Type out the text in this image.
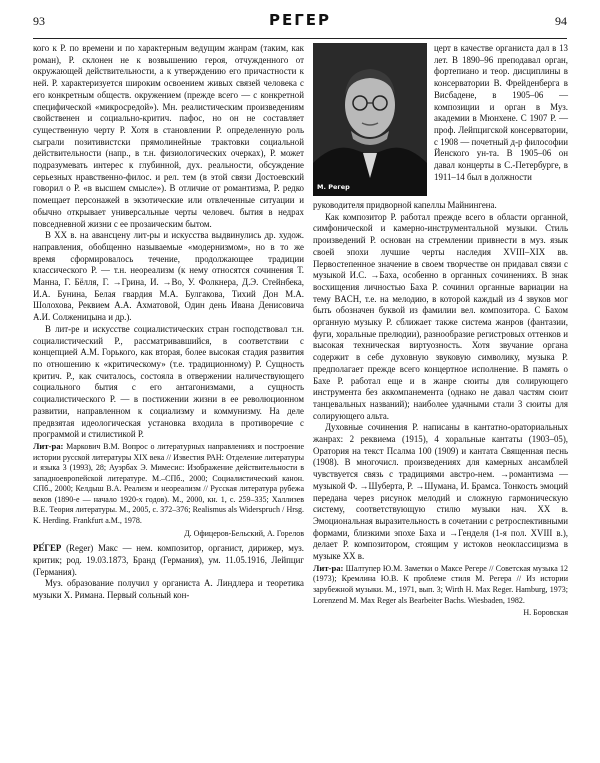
93	РЕГЕР	94

кого к Р. по времени и по характерным ведущим жанрам (таким, как роман), Р. склонен не к возвышению героя, отчужденного от окружающей действительности, а к утверждению его причастности к ней. Р. характеризуется широким освоением живых связей человека с его конкретным обществ. окружением (прежде всего — с конкретной специфической «микросредой»). Мн. реалистическим произведениям свойственен и социально-критич. пафос, но он не составляет существенную черту Р. Хотя в становлении Р. определенную роль сыграли позитивистски прямолинейные трактовки социальной действительности (напр., в т.н. физиологических очерках), Р. может подразумевать интерес к глубинной, дух. реальности, обсуждение серьезных нравственно-филос. и рел. тем (в этой связи Достоевский говорил о Р. «в высшем смысле»). В отличие от романтизма, Р. редко помещает персонажей в экзотические или отвлеченные ситуации и обычно открывает универсальные черты человеч. бытия в недрах повседневной жизни с ее прозаическим бытом.

В XX в. на авансцену лит-ры и искусства выдвинулись др. худож. направления, обобщенно называемые «модернизмом», но в то же время сформировалось течение, продолжающее традиции классического Р. — т.н. неореализм (к нему относятся сочинения Т. Манна, Г. Бёлля, Г. →Грина, И. →Во, У. Фолкнера, Д.Э. Стейнбека, И.А. Бунина, Белая гвардия М.А. Булгакова, Тихий Дон М.А. Шолохова, Реквием А.А. Ахматовой, Один день Ивана Денисовича А.И. Солженицына и др.).

В лит-ре и искусстве социалистических стран господствовал т.н. социалистический Р., рассматривавшийся, в соответствии с концепцией А.М. Горького, как вторая, более высокая стадия развития по отношению к «критическому» (т.е. традиционному) Р. Сущность критич. Р., как считалось, состояла в отвержении наличествующего социального бытия с его антагонизмами, а сущность социалистического Р. — в постижении жизни в ее революционном развитии, направленном к социализму и коммунизму. На деле предвзятая идеологическая установка входила в противоречие с программой и стилистикой Р.

Лит-ра: Маркович В.М. Вопрос о литературных направлениях и построение истории русской литературы XIX века // Известия РАН: Отделение литературы и языка 3 (1993), 28; Ауэрбах Э. Мимесис: Изображение действительности в западноевропейской литературе. М.–СПб., 2000; Социалистический канон. СПб., 2000; Келдыш В.А. Реализм и неореализм // Русская литература рубежа веков (1890-е — начало 1920-х годов). М., 2000, кн. 1, с. 259–335; Халлизев В.Е. Теория литературы. М., 2005, с. 372–376; Realismus als Widerspruch / Hrsg. K. Herding. Frankfurt a.M., 1978.

Д. Офицеров-Бельский, А. Горелов

РЕ́ГЕР (Reger) Макс — нем. композитор, органист, дирижер, муз. критик; род. 19.03.1873, Бранд (Германия), ум. 11.05.1916, Лейпциг (Германия).

Муз. образование получил у органиста А. Линдлера и теоретика музыки Х. Римана. Первый сольный кон-

М. Регер

церт в качестве органиста дал в 13 лет. В 1890–96 преподавал орган, фортепиано и теор. дисциплины в консерватории В. Фрейденберга в Висбадене, в 1905–06 — композиции и орган в Муз. академии в Мюнхене. С 1907 Р. — проф. Лейпцигской консерватории, с 1908 — почетный д-р философии Йенского ун-та. В 1905–06 он давал концерты в С.-Петербурге, в 1911–14 был в должности

руководителя придворной капеллы Майнингена.

Как композитор Р. работал прежде всего в области органной, симфонической и камерно-инструментальной музыки. Стиль произведений Р. основан на стремлении привнести в муз. язык своей эпохи лучшие черты наследия XVIII–XIX вв. Первостепенное значение в своем творчестве он придавал связи с музыкой И.С. →Баха, особенно в органных сочинениях. В знак восхищения личностью Баха Р. сочинил органные вариации на тему BACH, т.е. на мелодию, в которой каждый из 4 звуков мог быть обозначен буквой из фамилии вел. композитора. С Бахом органную музыку Р. сближает также система жанров (фантазии, фуги, хоральные прелюдии), разнообразие регистровых оттенков и высокая техническая виртуозность. Хотя звучание органа содержит в себе духовную звуковую символику, музыка Р. предполагает прежде всего концертное исполнение. В память о Бахе Р. работал еще и в жанре сюиты для солирующего инструмента без аккомпанемента (однако не давал частям сюит танцевальных названий); наиболее удачными стали 3 сюиты для солирующего альта.

Духовные сочинения Р. написаны в кантатно-ораториальных жанрах: 2 реквиема (1915), 4 хоральные кантаты (1903–05), Оратория на текст Псалма 100 (1909) и кантата Священная песнь (1908). В многочисл. произведениях для камерных ансамблей чувствуется связь с традициями австро-нем. →романтизма — музыкой Ф. →Шуберта, Р. →Шумана, И. Брамса. Тонкость эмоций передана через рисунок мелодий и сложную гармоническую систему, соответствующую стилю музыки нач. XX в. Эмоциональная выразительность в сочетании с ретроспективными формами, близкими эпохе Баха и →Генделя (1-я пол. XVIII в.), делает Р. композитором, стоящим у истоков неоклассицизма в музыке XX в.

Лит-ра: Шалтупер Ю.М. Заметки о Максе Регере // Советская музыка 12 (1973); Кремлина Ю.В. К проблеме стиля М. Регера // Из истории зарубежной музыки. М., 1971, вып. 3; Wirth H. Max Reger. Hamburg, 1973; Lorenzend M. Max Reger als Bearbeiter Bachs. Wiesbaden, 1982.

Н. Боровская
